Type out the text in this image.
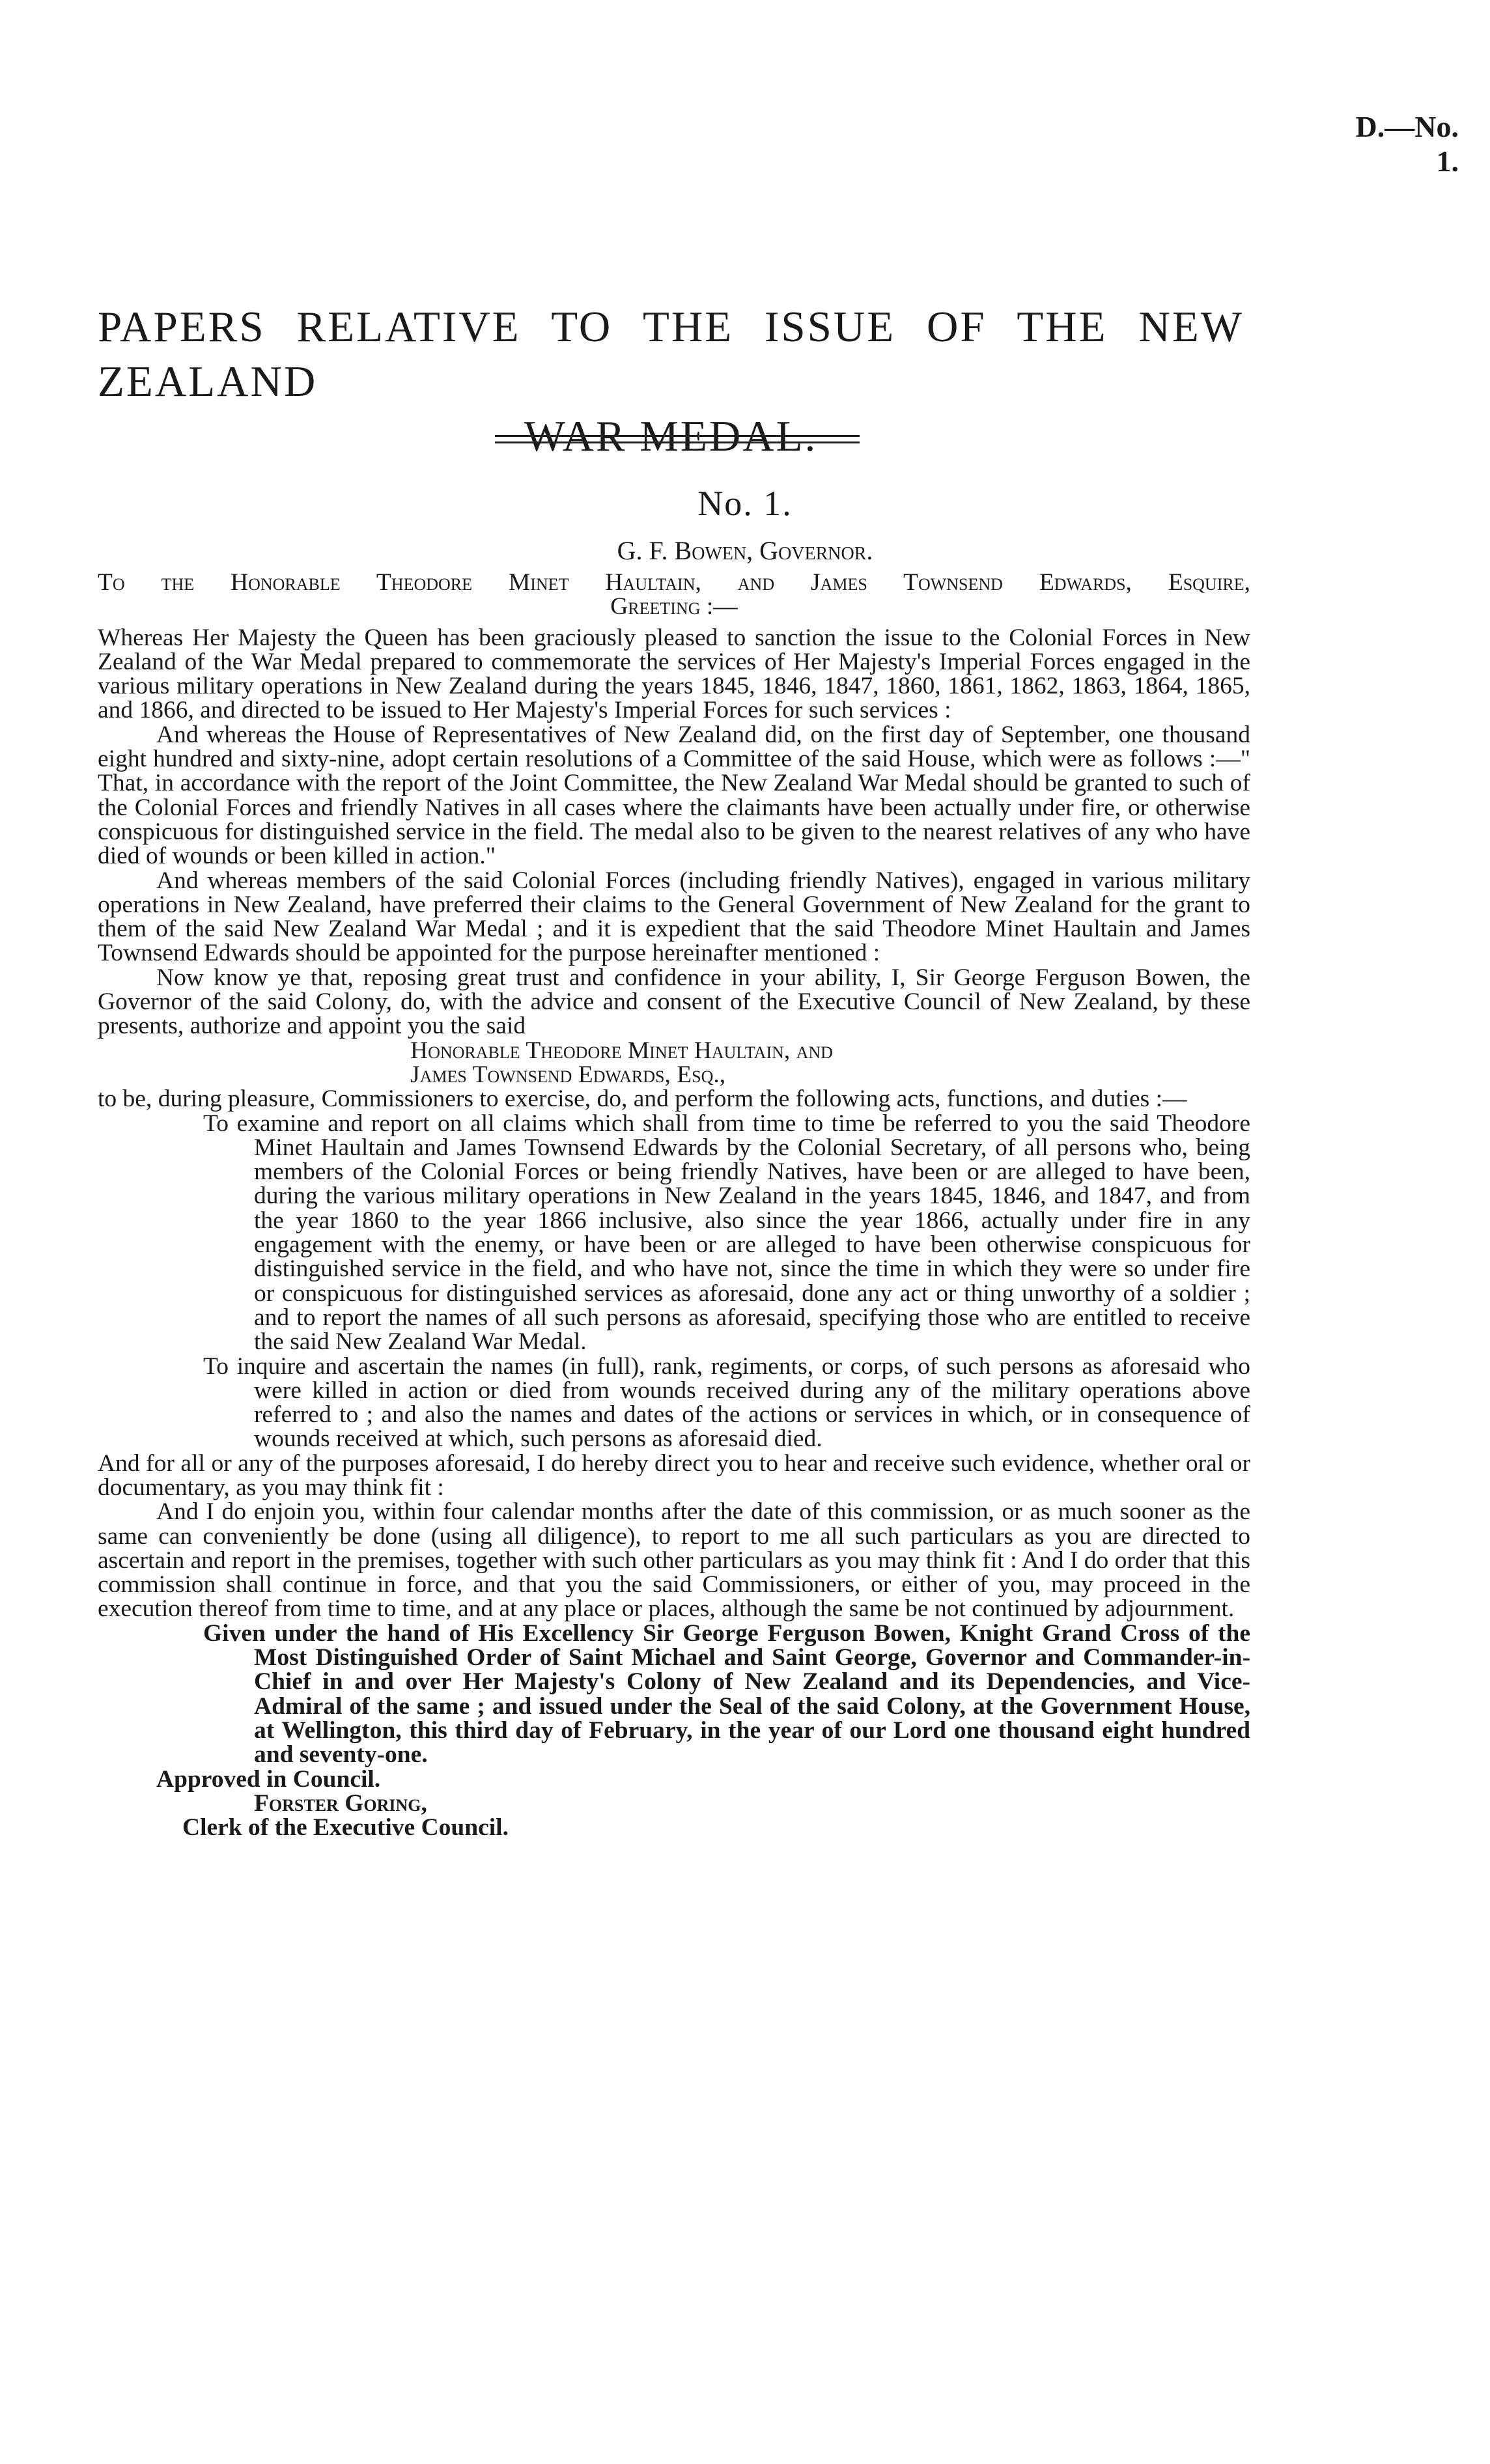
D.—No. 1.
PAPERS RELATIVE TO THE ISSUE OF THE NEW ZEALAND
WAR MEDAL.
No. 1.
G. F. Bowen, Governor.

To the Honorable Theodore Minet Haultain, and James Townsend Edwards, Esquire,

Greeting :—

Whereas Her Majesty the Queen has been graciously pleased to sanction the issue to the Colonial Forces in New Zealand of the War Medal prepared to commemorate the services of Her Majesty's Imperial Forces engaged in the various military operations in New Zealand during the years 1845, 1846, 1847, 1860, 1861, 1862, 1863, 1864, 1865, and 1866, and directed to be issued to Her Majesty's Imperial Forces for such services :

And whereas the House of Representatives of New Zealand did, on the first day of September, one thousand eight hundred and sixty-nine, adopt certain resolutions of a Committee of the said House, which were as follows :—" That, in accordance with the report of the Joint Committee, the New Zealand War Medal should be granted to such of the Colonial Forces and friendly Natives in all cases where the claimants have been actually under fire, or otherwise conspicuous for distinguished service in the field. The medal also to be given to the nearest relatives of any who have died of wounds or been killed in action."

And whereas members of the said Colonial Forces (including friendly Natives), engaged in various military operations in New Zealand, have preferred their claims to the General Government of New Zealand for the grant to them of the said New Zealand War Medal ; and it is expedient that the said Theodore Minet Haultain and James Townsend Edwards should be appointed for the purpose hereinafter mentioned :

Now know ye that, reposing great trust and confidence in your ability, I, Sir George Ferguson Bowen, the Governor of the said Colony, do, with the advice and consent of the Executive Council of New Zealand, by these presents, authorize and appoint you the said

Honorable Theodore Minet Haultain, and

James Townsend Edwards, Esq.,

to be, during pleasure, Commissioners to exercise, do, and perform the following acts, functions, and duties :—

To examine and report on all claims which shall from time to time be referred to you the said Theodore Minet Haultain and James Townsend Edwards by the Colonial Secretary, of all persons who, being members of the Colonial Forces or being friendly Natives, have been or are alleged to have been, during the various military operations in New Zealand in the years 1845, 1846, and 1847, and from the year 1860 to the year 1866 inclusive, also since the year 1866, actually under fire in any engagement with the enemy, or have been or are alleged to have been otherwise conspicuous for distinguished service in the field, and who have not, since the time in which they were so under fire or conspicuous for distinguished services as aforesaid, done any act or thing unworthy of a soldier ; and to report the names of all such persons as aforesaid, specifying those who are entitled to receive the said New Zealand War Medal.

To inquire and ascertain the names (in full), rank, regiments, or corps, of such persons as aforesaid who were killed in action or died from wounds received during any of the military operations above referred to ; and also the names and dates of the actions or services in which, or in consequence of wounds received at which, such persons as aforesaid died.

And for all or any of the purposes aforesaid, I do hereby direct you to hear and receive such evidence, whether oral or documentary, as you may think fit :

And I do enjoin you, within four calendar months after the date of this commission, or as much sooner as the same can conveniently be done (using all diligence), to report to me all such particulars as you are directed to ascertain and report in the premises, together with such other particulars as you may think fit : And I do order that this commission shall continue in force, and that you the said Commissioners, or either of you, may proceed in the execution thereof from time to time, and at any place or places, although the same be not continued by adjournment.

Given under the hand of His Excellency Sir George Ferguson Bowen, Knight Grand Cross of the Most Distinguished Order of Saint Michael and Saint George, Governor and Commander-in-Chief in and over Her Majesty's Colony of New Zealand and its Dependencies, and Vice-Admiral of the same ; and issued under the Seal of the said Colony, at the Government House, at Wellington, this third day of February, in the year of our Lord one thousand eight hundred and seventy-one.

Approved in Council.

Forster Goring,

Clerk of the Executive Council.
